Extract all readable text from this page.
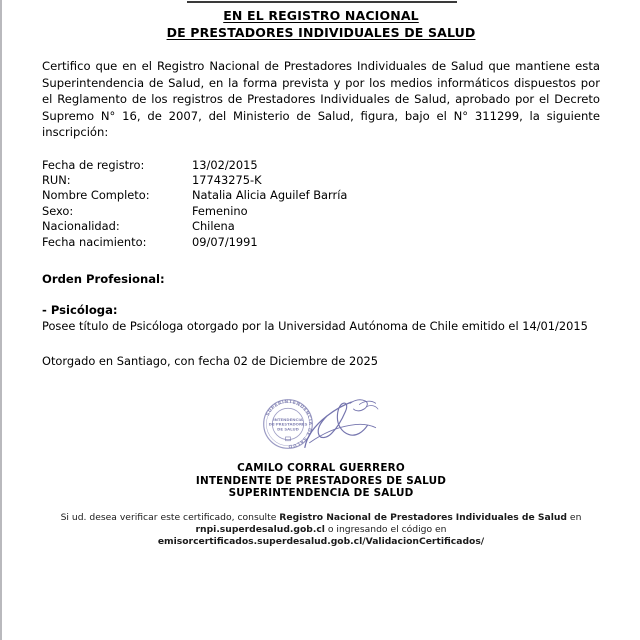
EN EL REGISTRO NACIONAL
DE PRESTADORES INDIVIDUALES DE SALUD

Certifico que en el Registro Nacional de Prestadores Individuales de Salud que mantiene esta Superintendencia de Salud, en la forma prevista y por los medios informáticos dispuestos por el Reglamento de los registros de Prestadores Individuales de Salud, aprobado por el Decreto Supremo N° 16, de 2007, del Ministerio de Salud, figura, bajo el N° 311299, la siguiente inscripción:

Fecha de registro:	13/02/2015
RUN:	17743275-K
Nombre Completo:	Natalia Alicia Aguilef Barría
Sexo:	Femenino
Nacionalidad:	Chilena
Fecha nacimiento:	09/07/1991
Orden Profesional:
- Psicóloga:
Posee título de Psicóloga otorgado por la Universidad Autónoma de Chile emitido el 14/01/2015
Otorgado en Santiago, con fecha 02 de Diciembre de 2025
SUPERINTENDENCIA DE SALUD
INTENDENCIA
DE PRESTADORES
DE SALUD
CAMILO CORRAL GUERRERO
INTENDENTE DE PRESTADORES DE SALUD
SUPERINTENDENCIA DE SALUD
Si ud. desea verificar este certificado, consulte Registro Nacional de Prestadores Individuales de Salud en rnpi.superdesalud.gob.cl o ingresando el código en emisorcertificados.superdesalud.gob.cl/ValidacionCertificados/
